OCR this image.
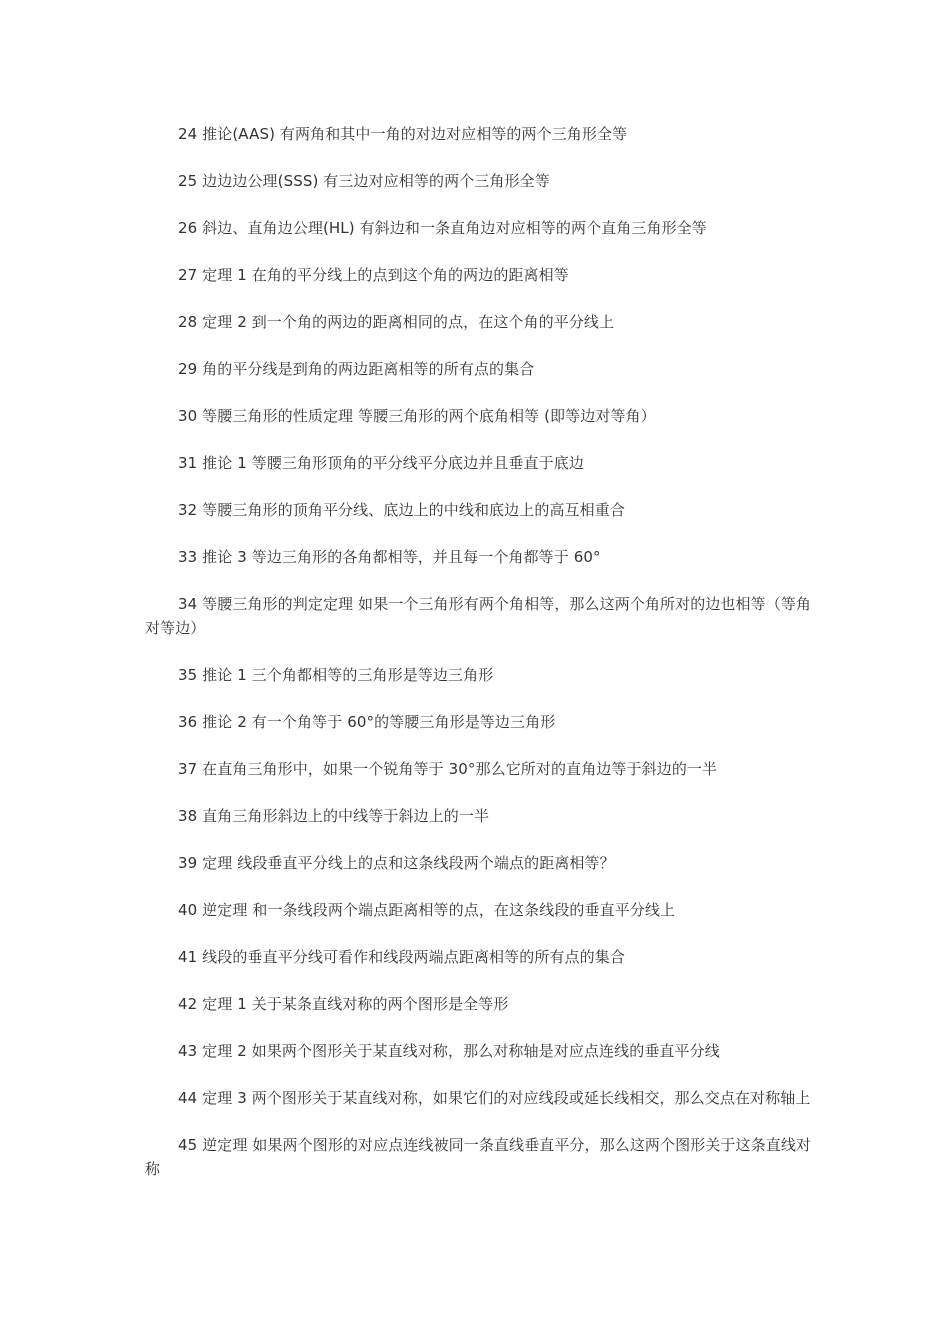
24 推论(AAS) 有两角和其中一角的对边对应相等的两个三角形全等

25 边边边公理(SSS) 有三边对应相等的两个三角形全等

26 斜边、直角边公理(HL) 有斜边和一条直角边对应相等的两个直角三角形全等

27 定理 1 在角的平分线上的点到这个角的两边的距离相等

28 定理 2 到一个角的两边的距离相同的点，在这个角的平分线上

29 角的平分线是到角的两边距离相等的所有点的集合

30 等腰三角形的性质定理 等腰三角形的两个底角相等 (即等边对等角）

31 推论 1 等腰三角形顶角的平分线平分底边并且垂直于底边

32 等腰三角形的顶角平分线、底边上的中线和底边上的高互相重合

33 推论 3 等边三角形的各角都相等，并且每一个角都等于 60°

34 等腰三角形的判定定理 如果一个三角形有两个角相等，那么这两个角所对的边也相等（等角对等边）

35 推论 1 三个角都相等的三角形是等边三角形

36 推论 2 有一个角等于 60°的等腰三角形是等边三角形

37 在直角三角形中，如果一个锐角等于 30°那么它所对的直角边等于斜边的一半

38 直角三角形斜边上的中线等于斜边上的一半

39 定理 线段垂直平分线上的点和这条线段两个端点的距离相等？

40 逆定理 和一条线段两个端点距离相等的点，在这条线段的垂直平分线上

41 线段的垂直平分线可看作和线段两端点距离相等的所有点的集合

42 定理 1 关于某条直线对称的两个图形是全等形

43 定理 2 如果两个图形关于某直线对称，那么对称轴是对应点连线的垂直平分线

44 定理 3 两个图形关于某直线对称，如果它们的对应线段或延长线相交，那么交点在对称轴上

45 逆定理 如果两个图形的对应点连线被同一条直线垂直平分，那么这两个图形关于这条直线对称
